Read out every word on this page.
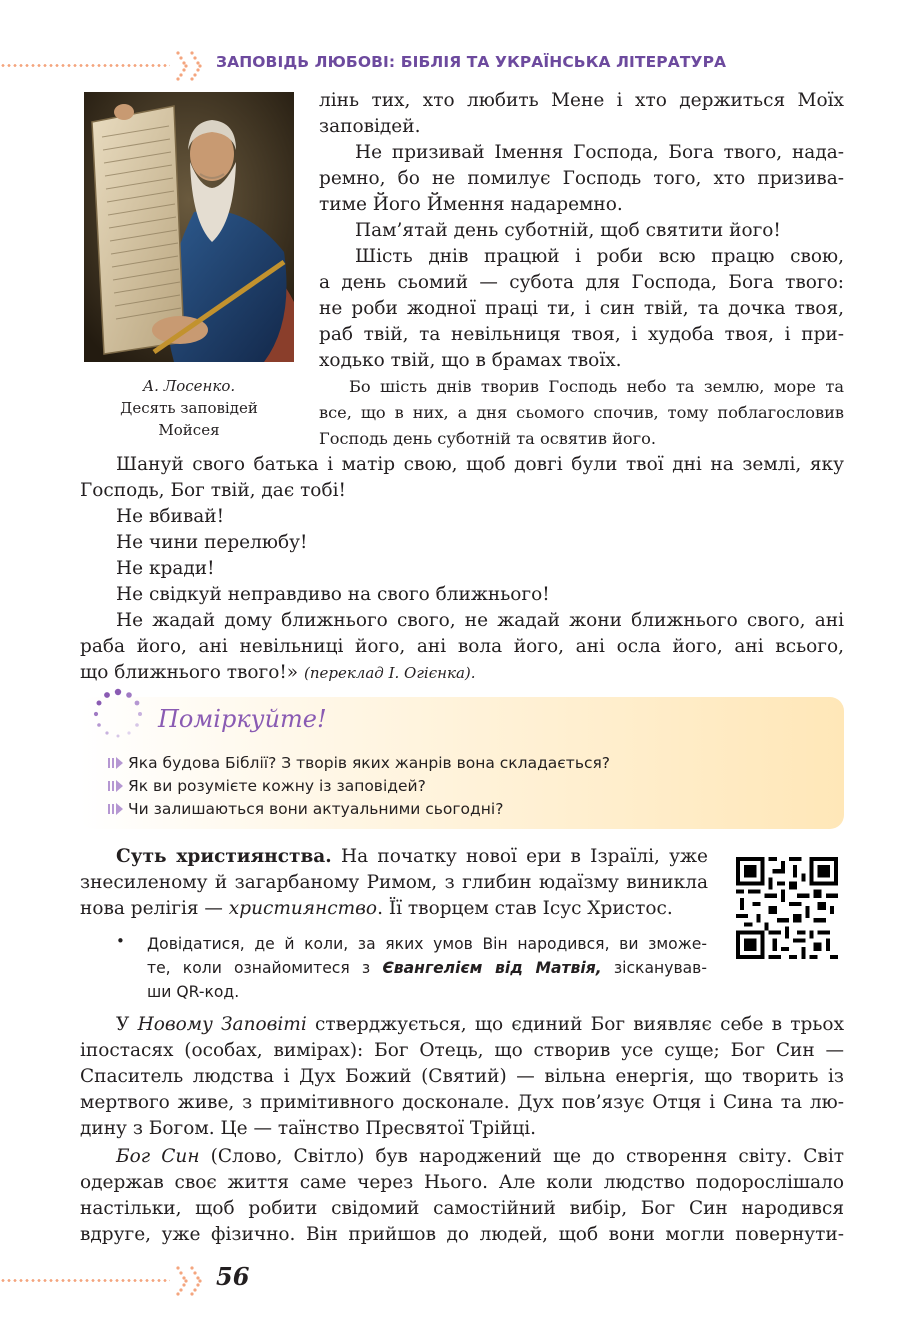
ЗАПОВІДЬ ЛЮБОВІ: БІБЛІЯ ТА УКРАЇНСЬКА ЛІТЕРАТУРА
А. Лосенко.
Десять заповідей
Мойсея
лінь тих, хто любить Мене і хто держиться Моїх
заповідей.
Не призивай Імення Господа, Бога твого, нада-
ремно, бо не помилує Господь того, хто призива-
тиме Його Ймення надаремно.
Пам’ятай день суботній, щоб святити його!
Шість днів працюй і роби всю працю свою,
а день сьомий — субота для Господа, Бога твого:
не роби жодної праці ти, і син твій, та дочка твоя,
раб твій, та невільниця твоя, і худоба твоя, і при-
ходько твій, що в брамах твоїх.
Бо шість днів творив Господь небо та землю, море та
все, що в них, а дня сьомого спочив, тому поблагословив
Господь день суботній та освятив його.
Шануй свого батька і матір свою, щоб довгі були твої дні на землі, яку
Господь, Бог твій, дає тобі!
Не вбивай!
Не чини перелюбу!
Не кради!
Не свідкуй неправдиво на свого ближнього!
Не жадай дому ближнього свого, не жадай жони ближнього свого, ані
раба його, ані невільниці його, ані вола його, ані осла його, ані всього,
що ближнього твого!» (переклад І. Огієнка).
Поміркуйте!
Яка будова Біблії? З творів яких жанрів вона складається?
Як ви розумієте кожну із заповідей?
Чи залишаються вони актуальними сьогодні?
Суть християнства. На початку нової ери в Ізраїлі, уже
знесиленому й загарбаному Римом, з глибин юдаїзму виникла
нова релігія — християнство. Її творцем став Ісус Христос.
• Довідатися, де й коли, за яких умов Він народився, ви зможе-
те, коли ознайомитеся з Євангелієм від Матвія, зісканував-
ши QR-код.
У Новому Заповіті стверджується, що єдиний Бог виявляє себе в трьох
іпостасях (особах, вимірах): Бог Отець, що створив усе суще; Бог Син —
Спаситель людства і Дух Божий (Святий) — вільна енергія, що творить із
мертвого живе, з примітивного досконале. Дух пов’язує Отця і Сина та лю-
дину з Богом. Це — таїнство Пресвятої Трійці.
Бог Син (Слово, Світло) був народжений ще до створення світу. Світ
одержав своє життя саме через Нього. Але коли людство подорослішало
настільки, щоб робити свідомий самостійний вибір, Бог Син народився
вдруге, уже фізично. Він прийшов до людей, щоб вони могли повернути-
56
